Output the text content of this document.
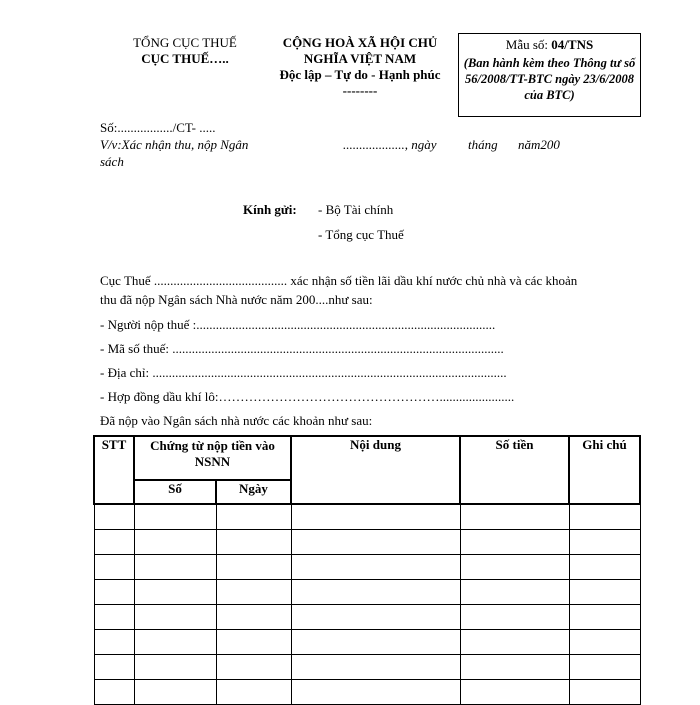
TỔNG CỤC THUẾ
CỤC THUẾ…..
CỘNG HOÀ XÃ HỘI CHỦ
NGHĨA VIỆT NAM
Độc lập – Tự do - Hạnh phúc
--------
Mẫu số: 04/TNS
(Ban hành kèm theo Thông tư số 56/2008/TT-BTC ngày 23/6/2008 của BTC)
Số:................./CT- .....
V/v:Xác nhận thu, nộp Ngân
sách
..................., ngày tháng năm200
Kính gửi: - Bộ Tài chính
- Tổng cục Thuế
Cục Thuế ......................................... xác nhận số tiền lãi dầu khí nước chủ nhà và các khoản
thu đã nộp Ngân sách Nhà nước năm 200....như sau:
- Người nộp thuế :............................................................................................
- Mã số thuế: ......................................................................................................
- Địa chỉ: .............................................................................................................
- Hợp đồng dầu khí lô:…………………………………………….......................
Đã nộp vào Ngân sách nhà nước các khoản như sau:
STT	Chứng từ nộp tiền vào NSNN		Nội dung	Số tiền	Ghi chú
	Số	Ngày			
